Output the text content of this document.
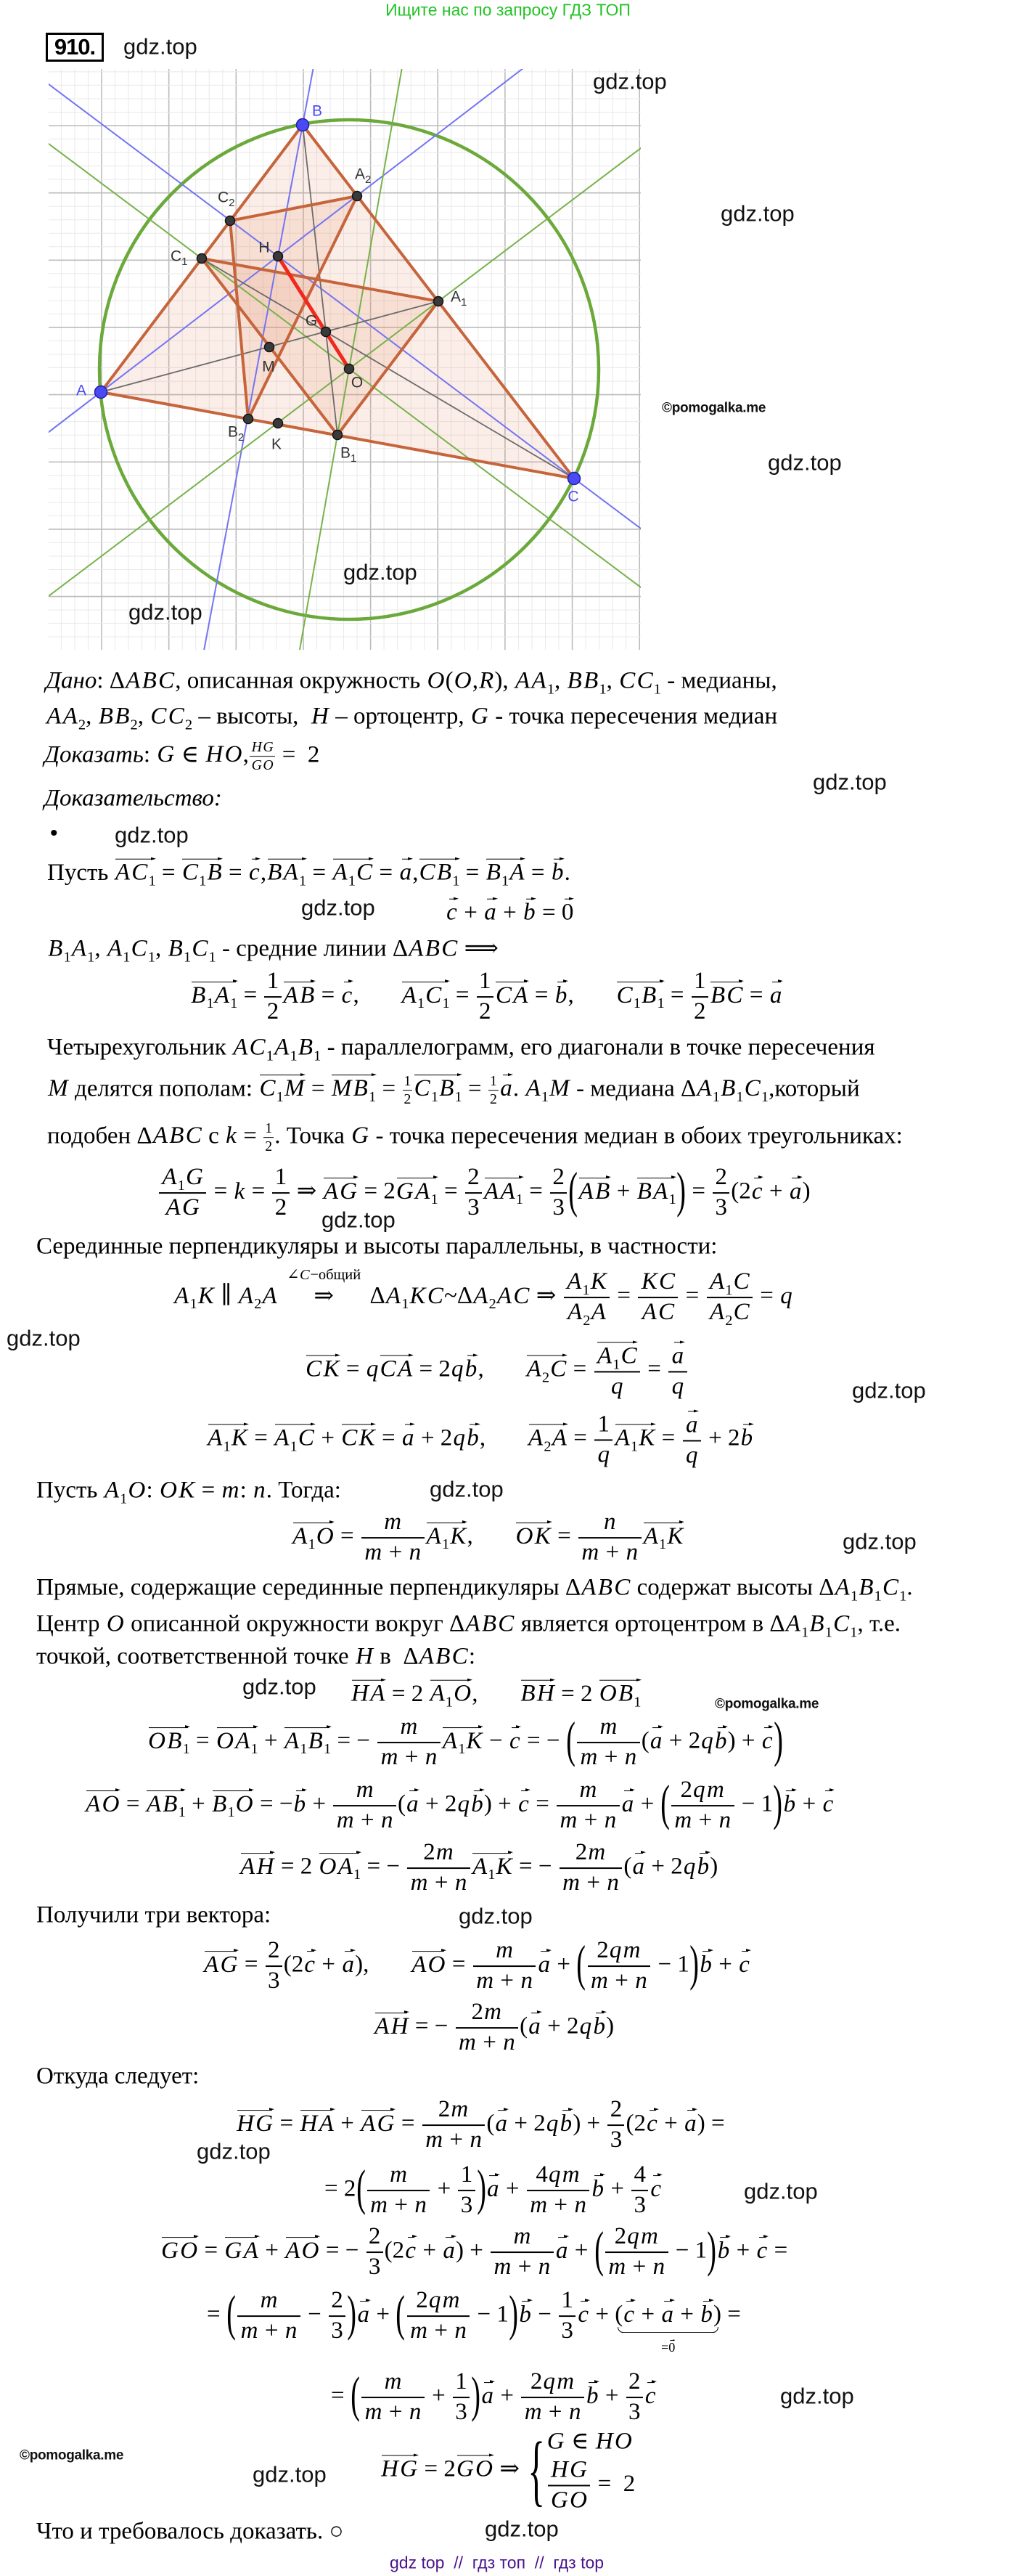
Ищите нас по запросу ГДЗ ТОП
910.	gdz.top
A
B
C
$A_1$
$B_1$
$C_1$
$A_2$
$B_2$
$C_2$
H
G
M
O
K
Дано: ΔABC, описанная окружность O(O,R), $AA_1$, $BB_1$, $CC_1$ - медианы,
$AA_2$, $BB_2$, $CC_2$ – высоты,  H – ортоцентр, G - точка пересечения медиан
Доказать: G ∈ HO, $\frac{HG}{GO} = 2$
Доказательство:
•
Пусть $AC_1 = C_1B = c,BA_1 = A_1C = a,CB_1 = B_1A = b$.
c + a + b = 0
$B_1A_1$, $A_1C_1$, $B_1C_1$ - средние линии ΔABC ⟹
$B_1A_1 = \frac{1}{2}$ AB = c,       $A_1C_1 = \frac{1}{2}$ CA = b,       $C_1B_1 = \frac{1}{2}$ BC = a
Четырехугольник $AC_1A_1B_1$ - параллелограмм, его диагонали в точке пересечения
M делятся пополам: $C_1M = MB_1 = \frac{1}{2} C_1B_1 = \frac{1}{2} a$. $A_1M$ - медиана $\Delta A_1B_1C_1,который$
подобен ΔABC с $k = \frac{1}{2}$ . Точка G - точка пересечения медиан в обоих треугольниках:
$\frac{A_1G}{AG} = k = \frac{1}{2}$ ⇒ AG = $2GA_1 = \frac{2}{3} AA_1 = \frac{2}{3} (AB + BA_1) = \frac{2}{3} (2c + a)$
Серединные перпендикуляры и высоты параллельны, в частности:
$A_1K$ ∥ $A_2A$ ⇒
∠C−общий
$\Delta A_1KC\sim\Delta A_2AC$ ⇒ $\frac{A_1K}{A_2A} = \frac{KC}{AC} = \frac{A_1C}{A_2C} = q$
CK = qCA = 2qb,       $A_2C = \frac{A_1C}{q} = \frac{a}{q}$
$A_1K = A_1C$ + CK = a + 2qb,       $A_2A = \frac{1}{q} A_1K = \frac{a}{q} + 2b$
Пусть $A_1O$: OK = m: n. Тогда:
$A_1O = \frac{m}{m + n} A_1K$,       OK = $\frac{n}{m + n} A_1K$
Прямые, содержащие серединные перпендикуляры ΔABC содержат высоты $\Delta A_1B_1C_1$.
Центр O описанной окружности вокруг ΔABC является ортоцентром в $\Delta A_1B_1C_1$, т.е.
точкой, соответственной точке H в  ΔABC:
HA = 2 $A_1O$,       BH = 2 $OB_1$
$OB_1 = OA_1 + A_1B_1$ = − $\frac{m}{m + n} A_1K - c$ = − ( $\frac{m}{m + n} (a + 2qb) + c$)
AO = $AB_1 + B_1O = -b + \frac{m}{m + n} (a + 2qb) + c = \frac{m}{m + n}$ a + ( $\frac{2qm}{m + n} - 1)b + c$
AH = 2 $OA_1$ = − $\frac{2m}{m + n} A_1K$ = − $\frac{2m}{m + n} (a + 2qb)$
Получили три вектора:
AG = $\frac{2}{3} (2c + a)$,       AO = $\frac{m}{m + n}$ a + ( $\frac{2qm}{m + n} - 1)b + c$
AH = − $\frac{2m}{m + n} (a + 2qb)$
Откуда следует:
HG = HA + AG = $\frac{2m}{m + n} (a + 2qb) + \frac{2}{3} (2c + a)$ =
= $2( \frac{m}{m + n} + \frac{1}{3} )a + \frac{4qm}{m + n}$ $b + \frac{4}{3}$ c
GO = GA + AO = − $\frac{2}{3} (2c + a) + \frac{m}{m + n}$ a + ( $\frac{2qm}{m + n} - 1)b + c$ =
= ( $\frac{m}{m + n} - \frac{2}{3} )a$ + ( $\frac{2qm}{m + n} - 1)b - \frac{1}{3}$ c + (c + a + b)
=0
=
= ( $\frac{m}{m + n} + \frac{1}{3} )a + \frac{2qm}{m + n}$ $b + \frac{2}{3}$ c
HG = 2GO ⇒ { G ∈ HO
$\frac{HG}{GO} = 2$
Что и требовалось доказать. ○
gdz top  //  гдз топ  //  гдз top
gdz.top
gdz.top
gdz.top
gdz.top
gdz.top
gdz.top
gdz.top
gdz.top
gdz.top
gdz.top
gdz.top
gdz.top
gdz.top
gdz.top
gdz.top
gdz.top
gdz.top
gdz.top
gdz.top
gdz.top
©pomogalka.me
©pomogalka.me
©pomogalka.me
